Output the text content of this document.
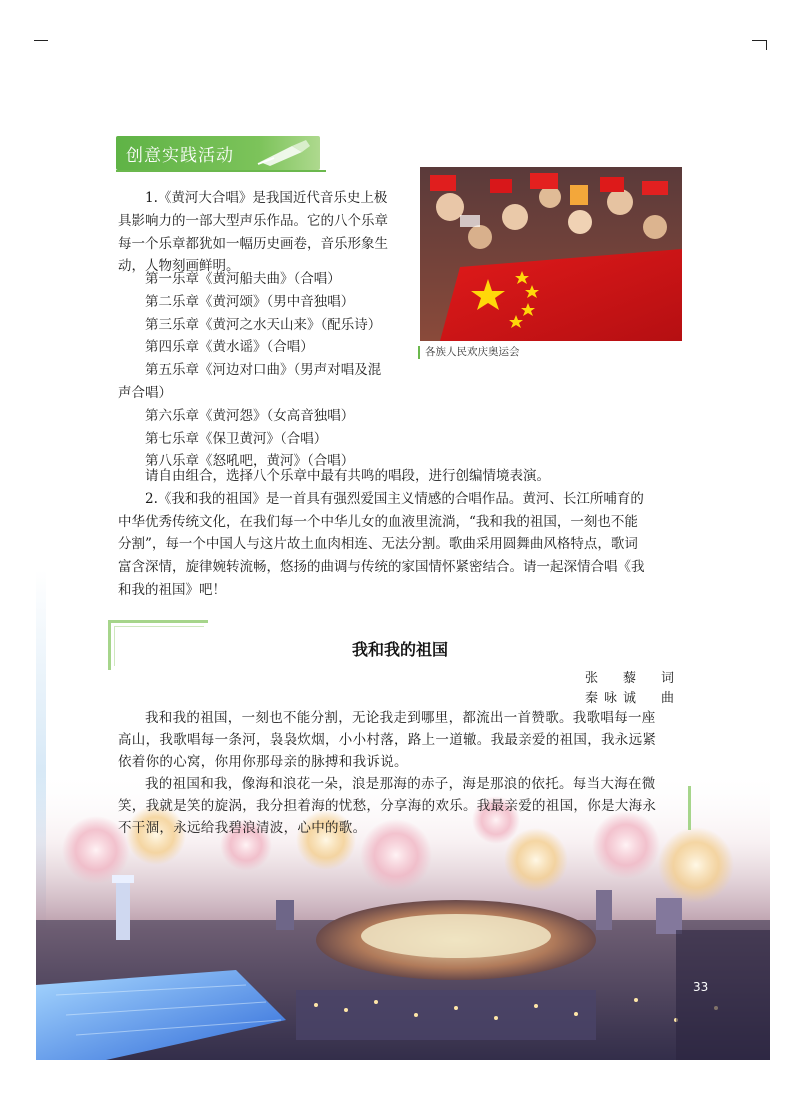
创意实践活动
各族人民欢庆奥运会
1.《黄河大合唱》是我国近代音乐史上极
具影响力的一部大型声乐作品。它的八个乐章
每一个乐章都犹如一幅历史画卷，音乐形象生
动，人物刻画鲜明。
第一乐章《黄河船夫曲》（合唱）
第二乐章《黄河颂》（男中音独唱）
第三乐章《黄河之水天山来》（配乐诗）
第四乐章《黄水谣》（合唱）
第五乐章《河边对口曲》（男声对唱及混
声合唱）
第六乐章《黄河怨》（女高音独唱）
第七乐章《保卫黄河》（合唱）
第八乐章《怒吼吧，黄河》（合唱）
请自由组合，选择八个乐章中最有共鸣的唱段，进行创编情境表演。
2.《我和我的祖国》是一首具有强烈爱国主义情感的合唱作品。黄河、长江所哺育的
中华优秀传统文化，在我们每一个中华儿女的血液里流淌，“我和我的祖国，一刻也不能
分割”，每一个中国人与这片故土血肉相连、无法分割。歌曲采用圆舞曲风格特点，歌词
富含深情，旋律婉转流畅，悠扬的曲调与传统的家国情怀紧密结合。请一起深情合唱《我
和我的祖国》吧！
我和我的祖国
张　藜　词
秦咏诚　曲
我和我的祖国，一刻也不能分割，无论我走到哪里，都流出一首赞歌。我歌唱每一座
高山，我歌唱每一条河，袅袅炊烟，小小村落，路上一道辙。我最亲爱的祖国，我永远紧
依着你的心窝，你用你那母亲的脉搏和我诉说。
我的祖国和我，像海和浪花一朵，浪是那海的赤子，海是那浪的依托。每当大海在微
笑，我就是笑的旋涡，我分担着海的忧愁，分享海的欢乐。我最亲爱的祖国，你是大海永
不干涸，永远给我碧浪清波，心中的歌。
33
